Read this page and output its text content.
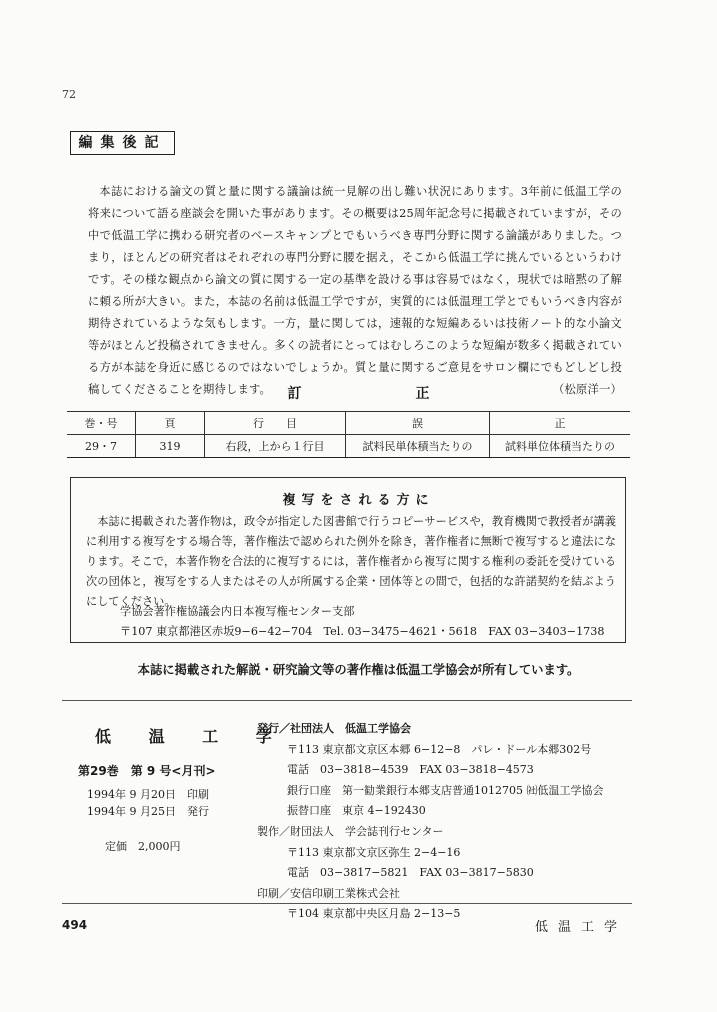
72
編集後記

本誌における論文の質と量に関する議論は統一見解の出し難い状況にあります。3年前に低温工学の将来について語る座談会を開いた事があります。その概要は25周年記念号に掲載されていますが，その中で低温工学に携わる研究者のベースキャンプとでもいうべき専門分野に関する論議がありました。つまり，ほとんどの研究者はそれぞれの専門分野に腰を据え，そこから低温工学に挑んでいるというわけです。その様な観点から論文の質に関する一定の基準を設ける事は容易ではなく，現状では暗黙の了解に頼る所が大きい。また，本誌の名前は低温工学ですが，実質的には低温理工学とでもいうべき内容が期待されているような気もします。一方，量に関しては，速報的な短編あるいは技術ノート的な小論文等がほとんど投稿されてきません。多くの読者にとってはむしろこのような短編が数多く掲載されている方が本誌を身近に感じるのではないでしょうか。質と量に関するご意見をサロン欄にでもどしどし投稿してくださることを期待します。	（松原洋一）

訂　正
巻・号	頁	行　　目	誤	正
29・7	319	右段，上から１行目	試料民単体積当たりの	試料単位体積当たりの
複写をされる方に

本誌に掲載された著作物は，政令が指定した図書館で行うコピーサービスや，教育機関で教授者が講義に利用する複写をする場合等，著作権法で認められた例外を除き，著作権者に無断で複写すると違法になります。そこで，本著作物を合法的に複写するには，著作権者から複写に関する権利の委託を受けている次の団体と，複写をする人またはその人が所属する企業・団体等との間で，包括的な許諾契約を結ぶようにしてください。

学協会著作権協議会内日本複写権センター支部
〒107 東京都港区赤坂9−6−42−704　Tel. 03−3475−4621・5618　FAX 03−3403−1738
本誌に掲載された解説・研究論文等の著作権は低温工学協会が所有しています。
低 温 工 学
第29巻　第 9 号<月刊>
1994年 9 月20日　印刷
1994年 9 月25日　発行
定価　2,000円
発行／社団法人　低温工学協会
〒113 東京都文京区本郷 6−12−8　パレ・ドール本郷302号
電話　03−3818−4539　FAX 03−3818−4573
銀行口座　第一勧業銀行本郷支店普通1012705 ㈳低温工学協会
振替口座　東京 4−192430
製作／財団法人　学会誌刊行センター
〒113 東京都文京区弥生 2−4−16
電話　03−3817−5821　FAX 03−3817−5830
印刷／安信印刷工業株式会社
〒104 東京都中央区月島 2−13−5
494	低温工学
